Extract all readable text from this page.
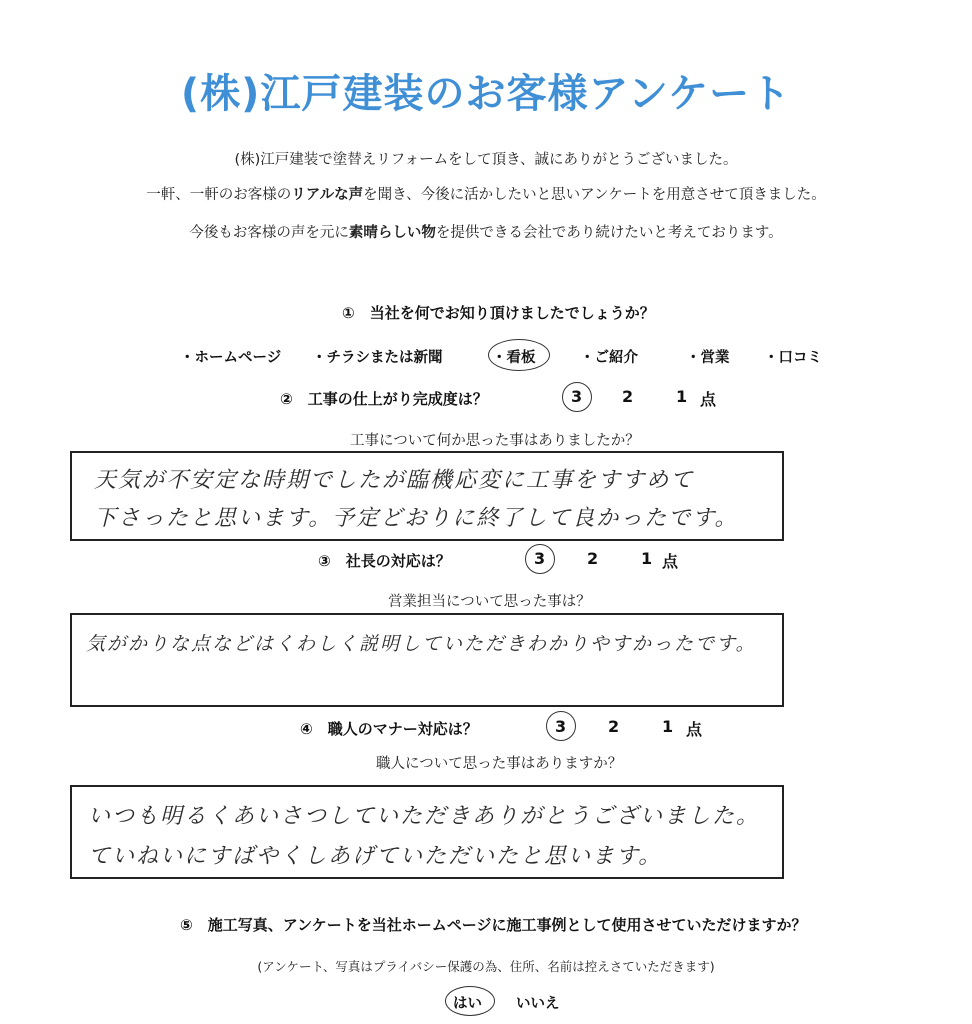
(株)江戸建装のお客様アンケート
(株)江戸建装で塗替えリフォームをして頂き、誠にありがとうございました。
一軒、一軒のお客様のリアルな声を聞き、今後に活かしたいと思いアンケートを用意させて頂きました。
今後もお客様の声を元に素晴らしい物を提供できる会社であり続けたいと考えております。
①　当社を何でお知り頂けましたでしょうか？
・ホームページ ・チラシまたは新聞	・看板	・ご紹介	・営業 ・口コミ
②　工事の仕上がり完成度は？	3 2	1 点
工事について何か思った事はありましたか？
天気が不安定な時期でしたが臨機応変に工事をすすめて
下さったと思います。予定どおりに終了して良かったです。
③　社長の対応は？	3	2	1 点
営業担当について思った事は？
気がかりな点などはくわしく説明していただきわかりやすかったです。
④　職人のマナー対応は？	3	2	1 点
職人について思った事はありますか？
いつも明るくあいさつしていただきありがとうございました。
ていねいにすばやくしあげていただいたと思います。
⑤　施工写真、アンケートを当社ホームページに施工事例として使用させていただけますか？
(アンケート、写真はプライバシー保護の為、住所、名前は控えさていただきます)
はい いいえ
